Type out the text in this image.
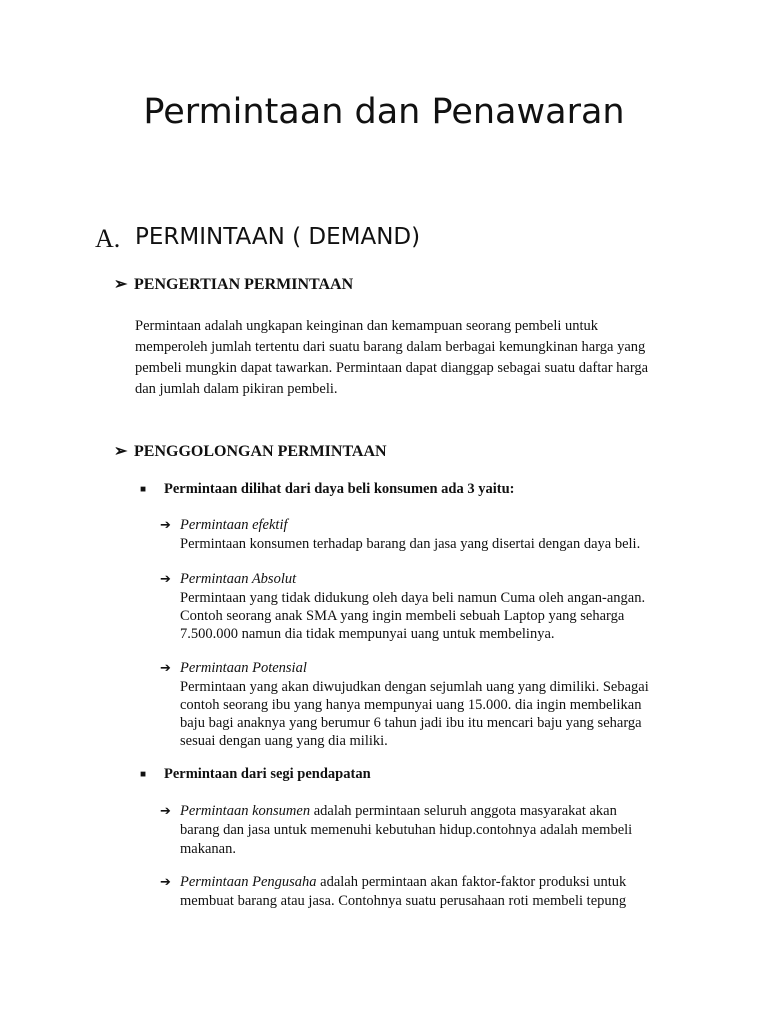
Permintaan dan Penawaran
A. PERMINTAAN ( DEMAND)
➢ PENGERTIAN PERMINTAAN
Permintaan adalah ungkapan keinginan dan kemampuan seorang pembeli untuk
memperoleh jumlah tertentu dari suatu barang dalam berbagai kemungkinan harga yang
pembeli mungkin dapat tawarkan. Permintaan dapat dianggap sebagai suatu daftar harga
dan jumlah dalam pikiran pembeli.
➢ PENGGOLONGAN PERMINTAAN
■ Permintaan dilihat dari daya beli konsumen ada 3 yaitu:
➔ Permintaan efektif
Permintaan konsumen terhadap barang dan jasa yang disertai dengan daya beli.
➔ Permintaan Absolut
Permintaan yang tidak didukung oleh daya beli namun Cuma oleh angan-angan.
Contoh seorang anak SMA yang ingin membeli sebuah Laptop yang seharga
7.500.000 namun dia tidak mempunyai uang untuk membelinya.
➔ Permintaan Potensial
Permintaan yang akan diwujudkan dengan sejumlah uang yang dimiliki. Sebagai
contoh seorang ibu yang hanya mempunyai uang 15.000. dia ingin membelikan
baju bagi anaknya yang berumur 6 tahun jadi ibu itu mencari baju yang seharga
sesuai dengan uang yang dia miliki.
■ Permintaan dari segi pendapatan
➔ Permintaan konsumen adalah permintaan seluruh anggota masyarakat akan
barang dan jasa untuk memenuhi kebutuhan hidup.contohnya adalah membeli
makanan.
➔ Permintaan Pengusaha adalah permintaan akan faktor-faktor produksi untuk
membuat barang atau jasa. Contohnya suatu perusahaan roti membeli tepung
